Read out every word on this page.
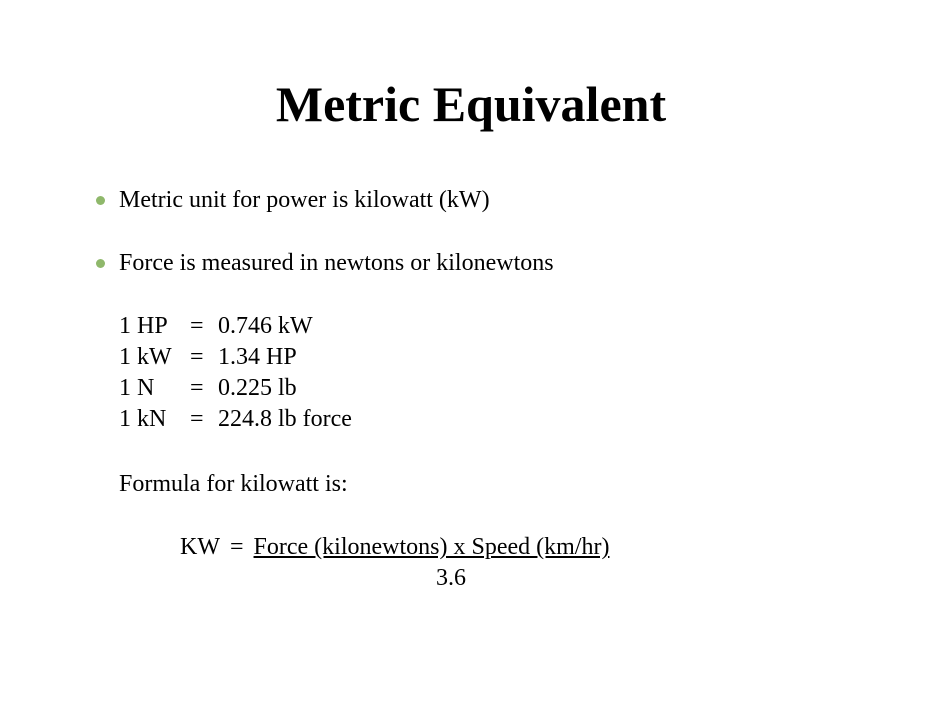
Metric Equivalent
Metric unit for power is kilowatt (kW)
Force is measured in newtons or kilonewtons
1 HP = 0.746 kW
1 kW = 1.34 HP
1 N	= 0.225 lb
1 kN = 224.8 lb force
Formula for kilowatt is:
KW = Force (kilonewtons) x Speed (km/hr)
3.6
